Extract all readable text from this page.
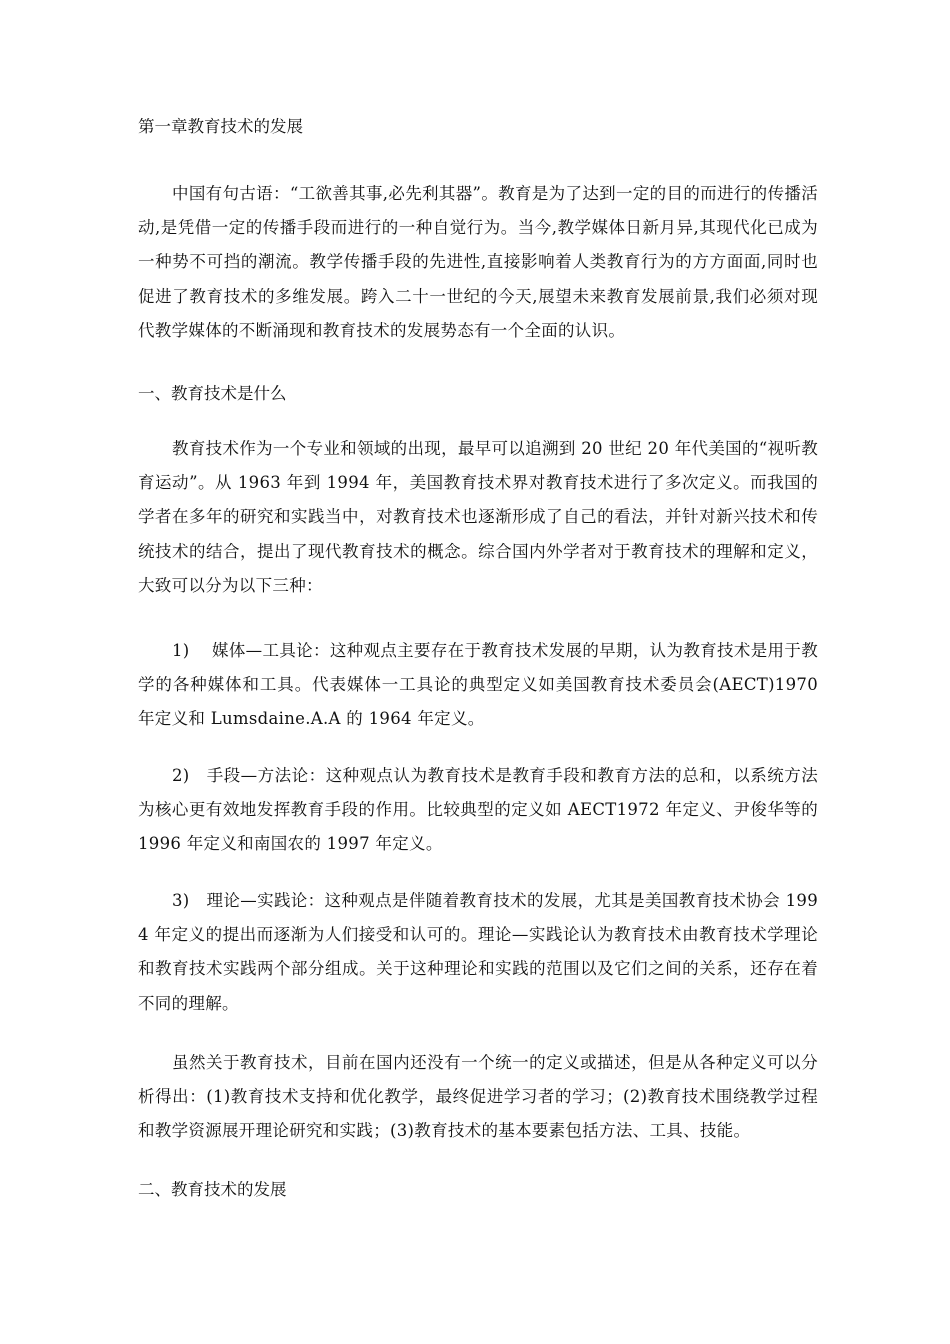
第一章教育技术的发展
中国有句古语：“工欲善其事,必先利其器”。教育是为了达到一定的目的而进行的传播活动,是凭借一定的传播手段而进行的一种自觉行为。当今,教学媒体日新月异,其现代化已成为一种势不可挡的潮流。教学传播手段的先进性,直接影响着人类教育行为的方方面面,同时也促进了教育技术的多维发展。跨入二十一世纪的今天,展望未来教育发展前景,我们必须对现代教学媒体的不断涌现和教育技术的发展势态有一个全面的认识。
一、教育技术是什么
教育技术作为一个专业和领域的出现，最早可以追溯到 20 世纪 20 年代美国的“视听教育运动”。从 1963 年到 1994 年，美国教育技术界对教育技术进行了多次定义。而我国的学者在多年的研究和实践当中，对教育技术也逐渐形成了自己的看法，并针对新兴技术和传统技术的结合，提出了现代教育技术的概念。综合国内外学者对于教育技术的理解和定义，大致可以分为以下三种：
1)　 媒体—工具论：这种观点主要存在于教育技术发展的早期，认为教育技术是用于教学的各种媒体和工具。代表媒体一工具论的典型定义如美国教育技术委员会(AECT)1970 年定义和 Lumsdaine.A.A 的 1964 年定义。
2)　手段—方法论：这种观点认为教育技术是教育手段和教育方法的总和，以系统方法为核心更有效地发挥教育手段的作用。比较典型的定义如 AECT1972 年定义、尹俊华等的 1996 年定义和南国农的 1997 年定义。
3)　理论—实践论：这种观点是伴随着教育技术的发展，尤其是美国教育技术协会 1994 年定义的提出而逐渐为人们接受和认可的。理论—实践论认为教育技术由教育技术学理论和教育技术实践两个部分组成。关于这种理论和实践的范围以及它们之间的关系，还存在着不同的理解。
虽然关于教育技术，目前在国内还没有一个统一的定义或描述，但是从各种定义可以分析得出：(1)教育技术支持和优化教学，最终促进学习者的学习；(2)教育技术围绕教学过程和教学资源展开理论研究和实践；(3)教育技术的基本要素包括方法、工具、技能。
二、教育技术的发展
